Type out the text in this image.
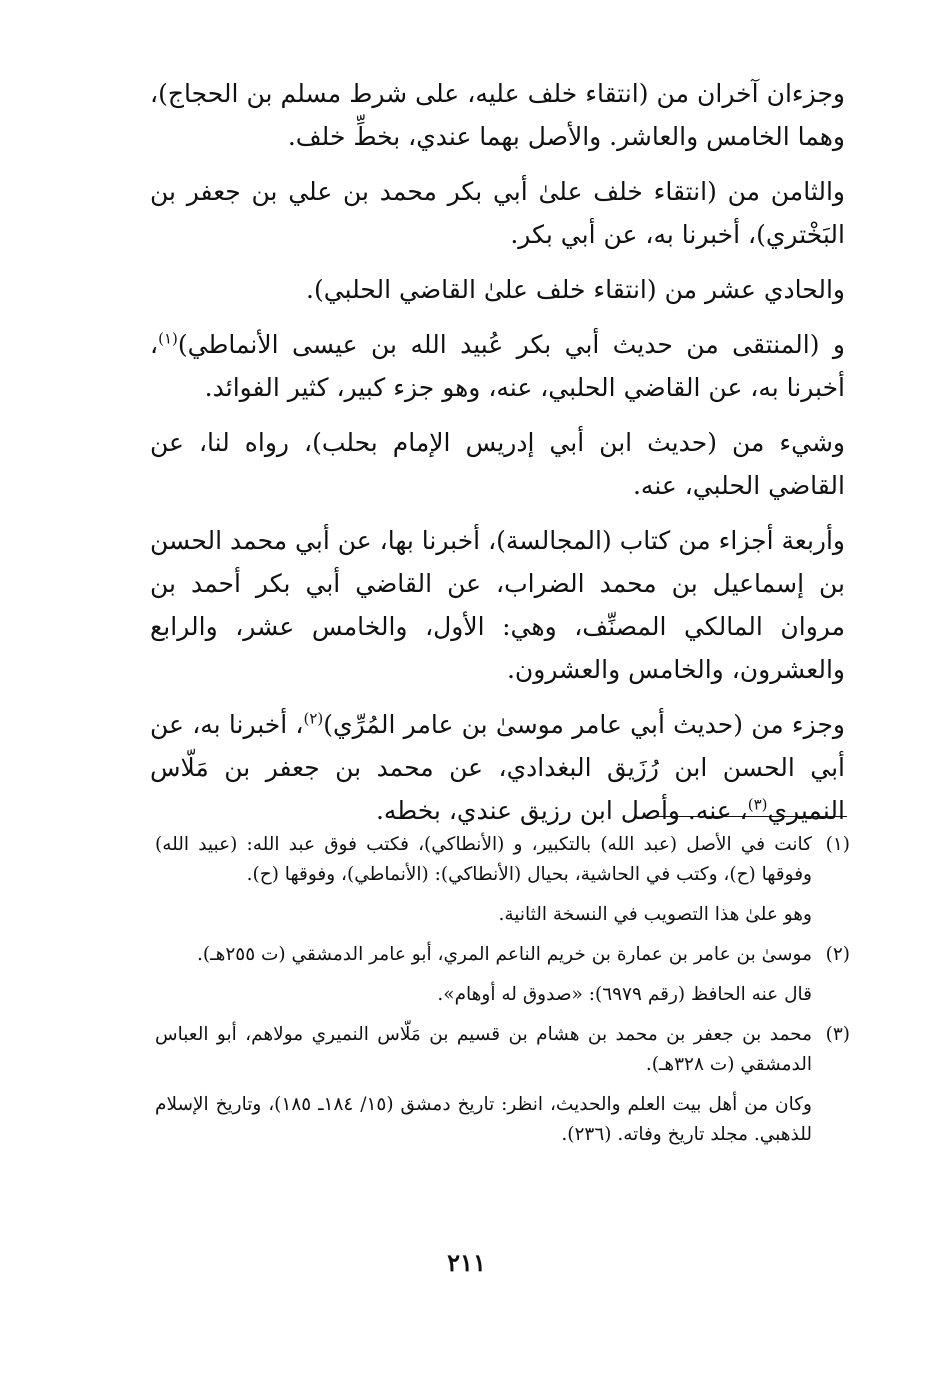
وجزءان آخران من (انتقاء خلف عليه، على شرط مسلم بن الحجاج)، وهما الخامس والعاشر. والأصل بهما عندي، بخطِّ خلف.

والثامن من (انتقاء خلف علىٰ أبي بكر محمد بن علي بن جعفر بن البَخْتري)، أخبرنا به، عن أبي بكر.

والحادي عشر من (انتقاء خلف علىٰ القاضي الحلبي).

و (المنتقى من حديث أبي بكر عُبيد الله بن عيسى الأنماطي)$^{(١)}$، أخبرنا به، عن القاضي الحلبي، عنه، وهو جزء كبير، كثير الفوائد.

وشيء من (حديث ابن أبي إدريس الإمام بحلب)، رواه لنا، عن القاضي الحلبي، عنه.

وأربعة أجزاء من كتاب (المجالسة)، أخبرنا بها، عن أبي محمد الحسن بن إسماعيل بن محمد الضراب، عن القاضي أبي بكر أحمد بن مروان المالكي المصنِّف، وهي: الأول، والخامس عشر، والرابع والعشرون، والخامس والعشرون.

وجزء من (حديث أبي عامر موسىٰ بن عامر المُرِّي)$^{(٢)}$، أخبرنا به، عن أبي الحسن ابن رُزَيق البغدادي، عن محمد بن جعفر بن مَلّاس النميري$^{(٣)}$، عنه. وأصل ابن رزيق عندي، بخطه.

(١)
كانت في الأصل (عبد الله) بالتكبير، و (الأنطاكي)، فكتب فوق عبد الله: (عبيد الله) وفوقها (ح)، وكتب في الحاشية، بحيال (الأنطاكي): (الأنماطي)، وفوقها (ح).
وهو علىٰ هذا التصويب في النسخة الثانية.
(٢)
موسىٰ بن عامر بن عمارة بن خريم الناعم المري، أبو عامر الدمشقي (ت ٢٥٥هـ).
قال عنه الحافظ (رقم ٦٩٧٩): «صدوق له أوهام».
(٣)
محمد بن جعفر بن محمد بن هشام بن قسيم بن مَلّاس النميري مولاهم، أبو العباس الدمشقي (ت ٣٢٨هـ).
وكان من أهل بيت العلم والحديث، انظر: تاريخ دمشق (١٥/ ١٨٤ـ ١٨٥)، وتاريخ الإسلام للذهبي. مجلد تاريخ وفاته. (٢٣٦).
٢١١
